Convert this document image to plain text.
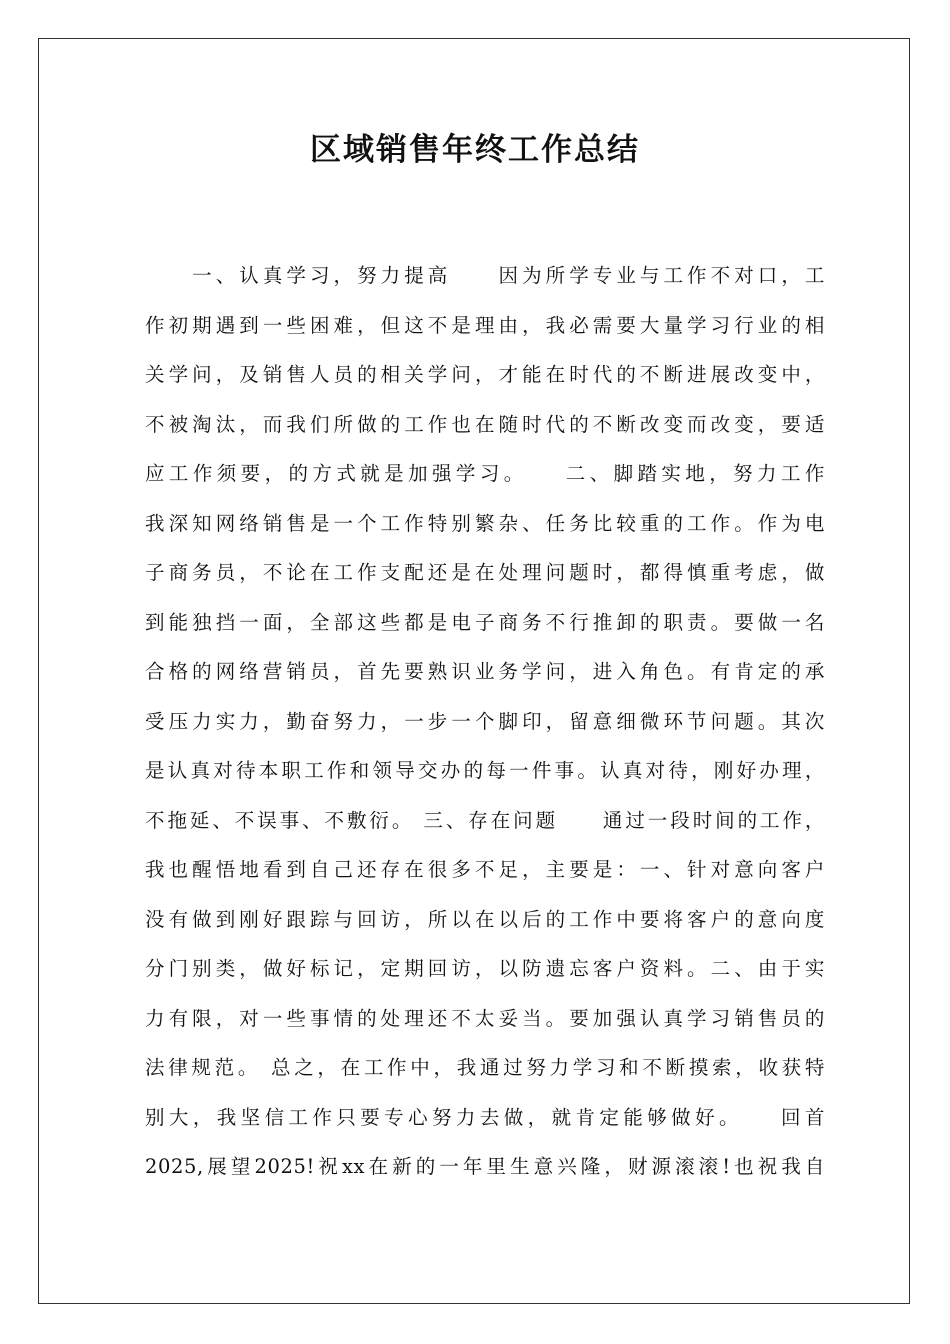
区域销售年终工作总结
　　一、认真学习，努力提高　　因为所学专业与工作不对口，工
作初期遇到一些困难，但这不是理由，我必需要大量学习行业的相
关学问，及销售人员的相关学问，才能在时代的不断进展改变中，
不被淘汰，而我们所做的工作也在随时代的不断改变而改变，要适
应工作须要，的方式就是加强学习。　　二、脚踏实地，努力工作
我深知网络销售是一个工作特别繁杂、任务比较重的工作。作为电
子商务员，不论在工作支配还是在处理问题时，都得慎重考虑，做
到能独挡一面，全部这些都是电子商务不行推卸的职责。要做一名
合格的网络营销员，首先要熟识业务学问，进入角色。有肯定的承
受压力实力，勤奋努力，一步一个脚印，留意细微环节问题。其次
是认真对待本职工作和领导交办的每一件事。认真对待，刚好办理，
不拖延、不误事、不敷衍。 三、存在问题　　通过一段时间的工作，
我也醒悟地看到自己还存在很多不足，主要是：一、针对意向客户
没有做到刚好跟踪与回访，所以在以后的工作中要将客户的意向度
分门别类，做好标记，定期回访，以防遗忘客户资料。二、由于实
力有限，对一些事情的处理还不太妥当。要加强认真学习销售员的
法律规范。 总之，在工作中，我通过努力学习和不断摸索，收获特
别大，我坚信工作只要专心努力去做，就肯定能够做好。　　回首
2025,展望2025!祝xx在新的一年里生意兴隆，财源滚滚!也祝我自
